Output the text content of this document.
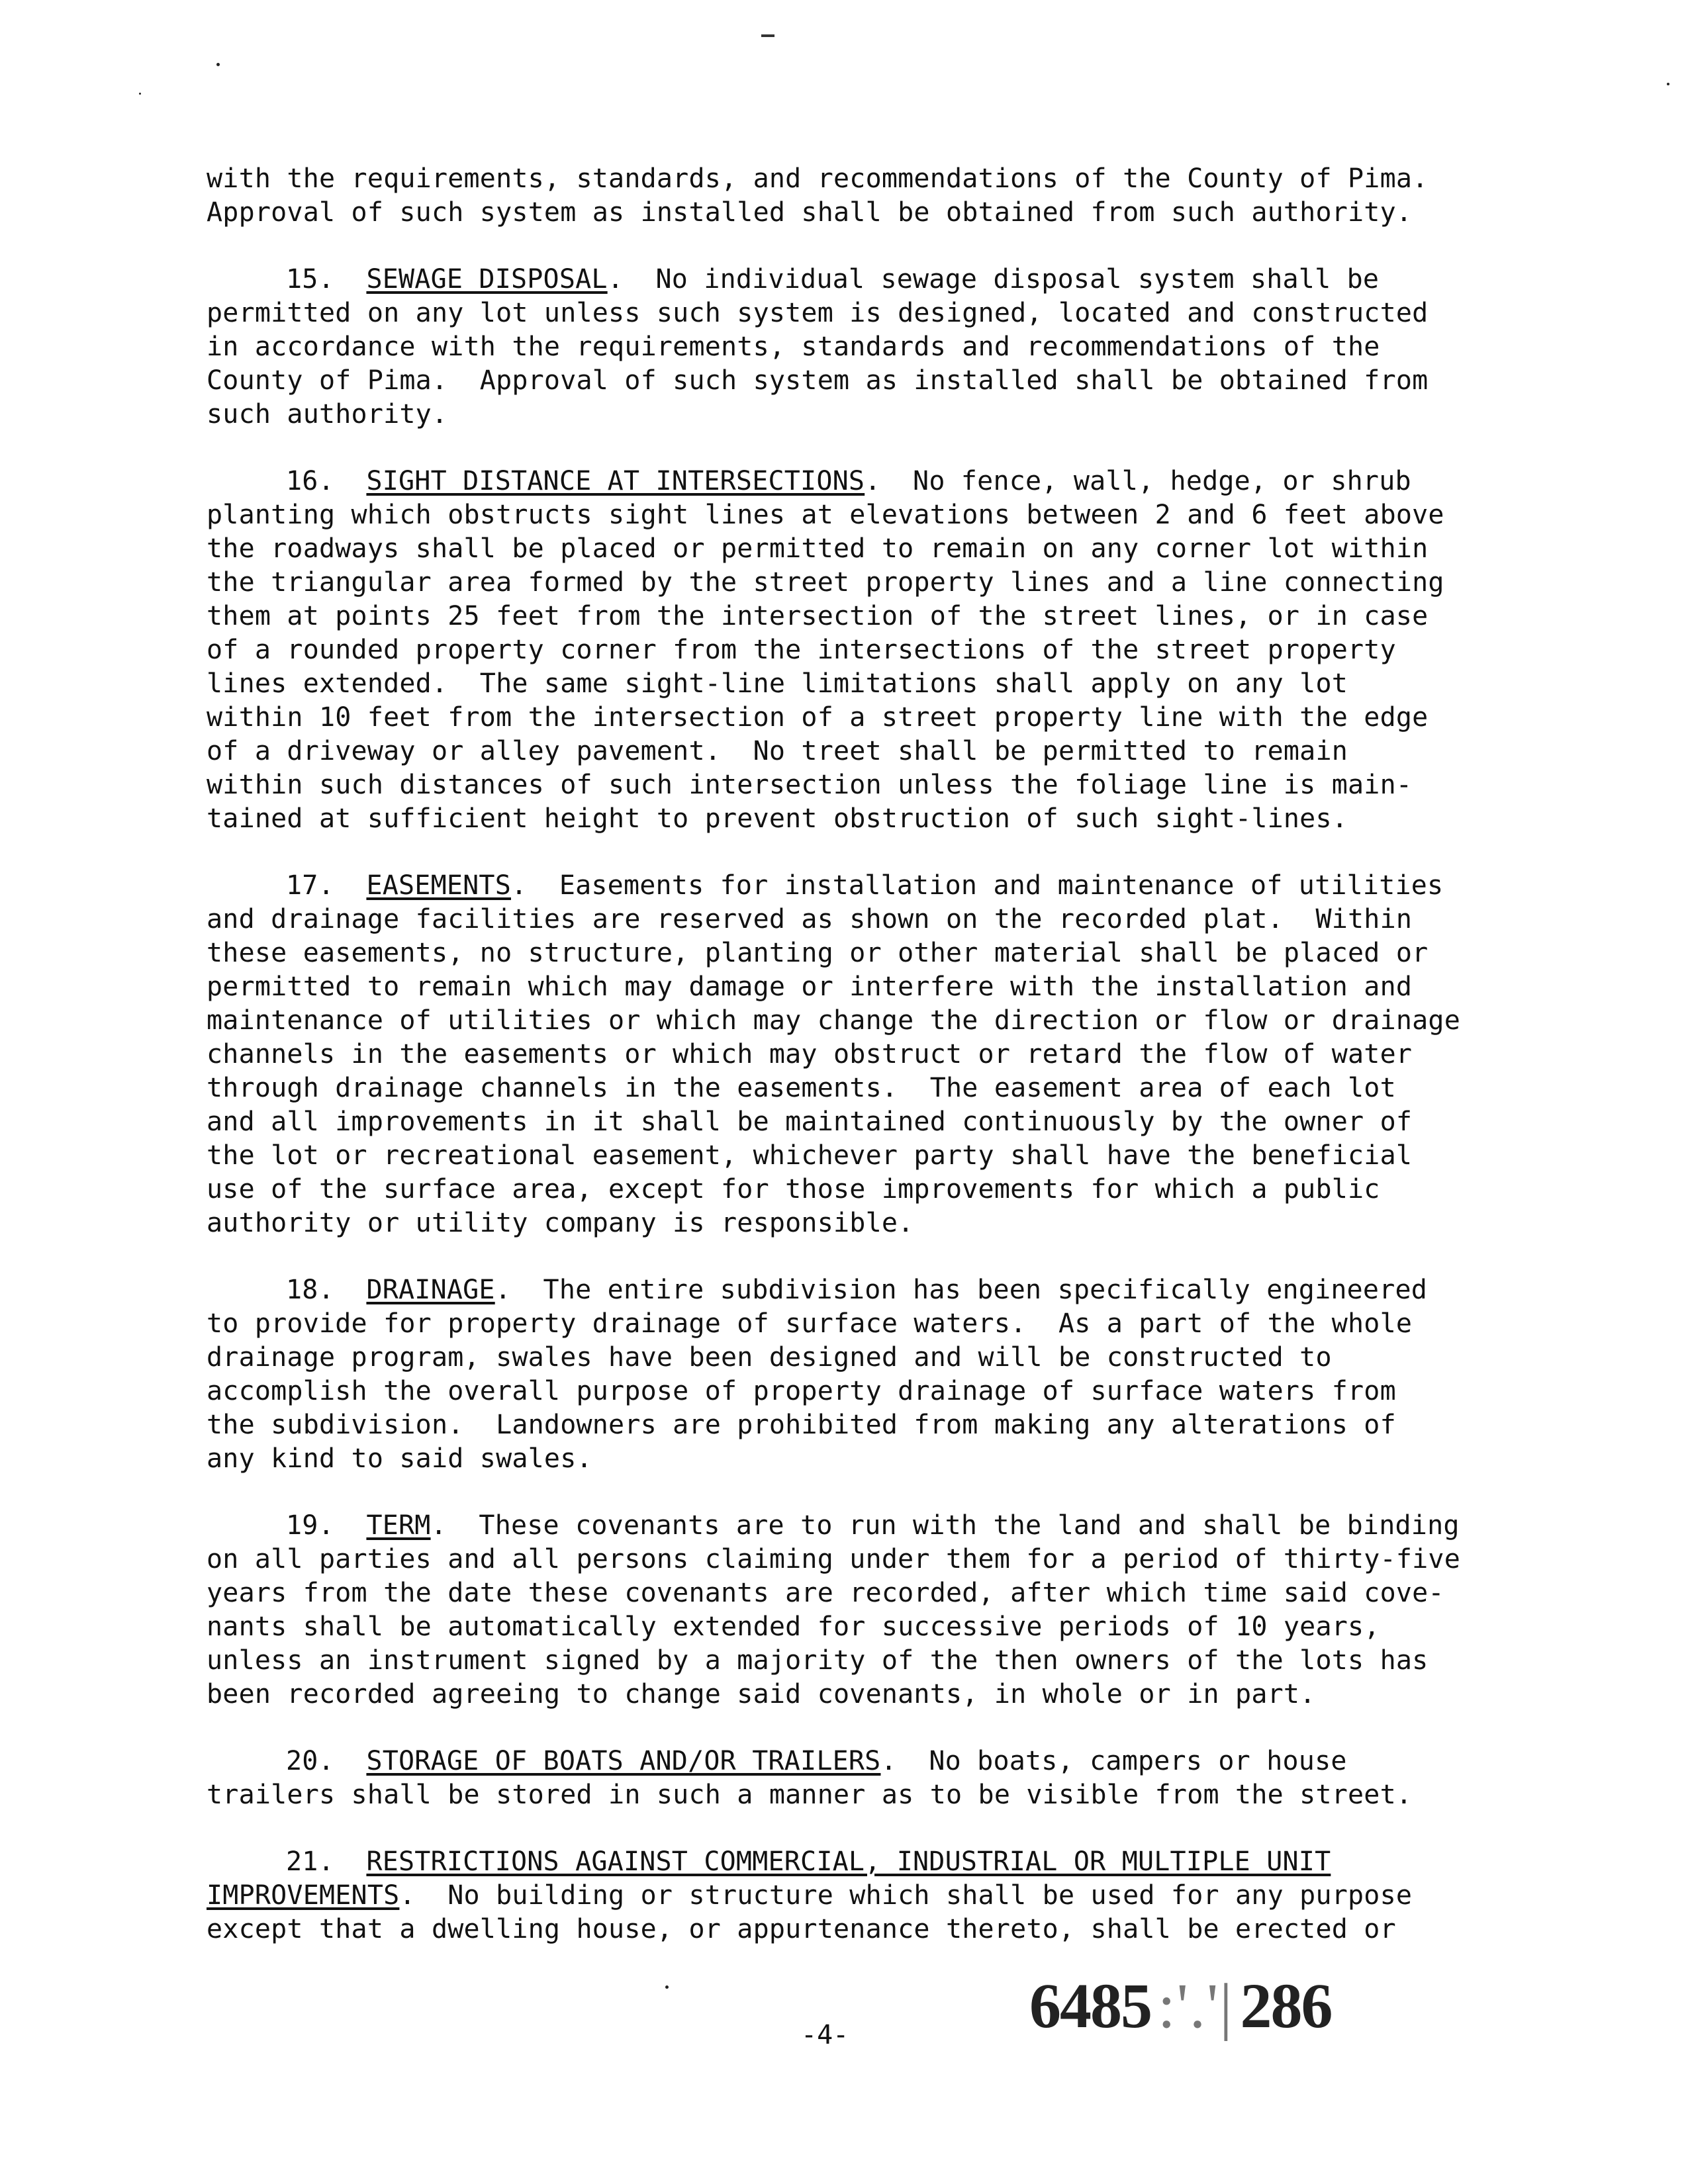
with the requirements, standards, and recommendations of the County of Pima.
Approval of such system as installed shall be obtained from such authority.

15. SEWAGE DISPOSAL.  No individual sewage disposal system shall be
permitted on any lot unless such system is designed, located and constructed
in accordance with the requirements, standards and recommendations of the
County of Pima.  Approval of such system as installed shall be obtained from
such authority.

16. SIGHT DISTANCE AT INTERSECTIONS.  No fence, wall, hedge, or shrub
planting which obstructs sight lines at elevations between 2 and 6 feet above
the roadways shall be placed or permitted to remain on any corner lot within
the triangular area formed by the street property lines and a line connecting
them at points 25 feet from the intersection of the street lines, or in case
of a rounded property corner from the intersections of the street property
lines extended.  The same sight-line limitations shall apply on any lot
within 10 feet from the intersection of a street property line with the edge
of a driveway or alley pavement.  No treet shall be permitted to remain
within such distances of such intersection unless the foliage line is main-
tained at sufficient height to prevent obstruction of such sight-lines.

17. EASEMENTS.  Easements for installation and maintenance of utilities
and drainage facilities are reserved as shown on the recorded plat.  Within
these easements, no structure, planting or other material shall be placed or
permitted to remain which may damage or interfere with the installation and
maintenance of utilities or which may change the direction or flow or drainage
channels in the easements or which may obstruct or retard the flow of water
through drainage channels in the easements.  The easement area of each lot
and all improvements in it shall be maintained continuously by the owner of
the lot or recreational easement, whichever party shall have the beneficial
use of the surface area, except for those improvements for which a public
authority or utility company is responsible.

18. DRAINAGE.  The entire subdivision has been specifically engineered
to provide for property drainage of surface waters.  As a part of the whole
drainage program, swales have been designed and will be constructed to
accomplish the overall purpose of property drainage of surface waters from
the subdivision.  Landowners are prohibited from making any alterations of
any kind to said swales.

19. TERM.  These covenants are to run with the land and shall be binding
on all parties and all persons claiming under them for a period of thirty-five
years from the date these covenants are recorded, after which time said cove-
nants shall be automatically extended for successive periods of 10 years,
unless an instrument signed by a majority of the then owners of the lots has
been recorded agreeing to change said covenants, in whole or in part.

20. STORAGE OF BOATS AND/OR TRAILERS.  No boats, campers or house
trailers shall be stored in such a manner as to be visible from the street.

21. RESTRICTIONS AGAINST COMMERCIAL, INDUSTRIAL OR MULTIPLE UNIT
IMPROVEMENTS.  No building or structure which shall be used for any purpose
except that a dwelling house, or appurtenance thereto, shall be erected or

-4-	6485 :'.'| 286
